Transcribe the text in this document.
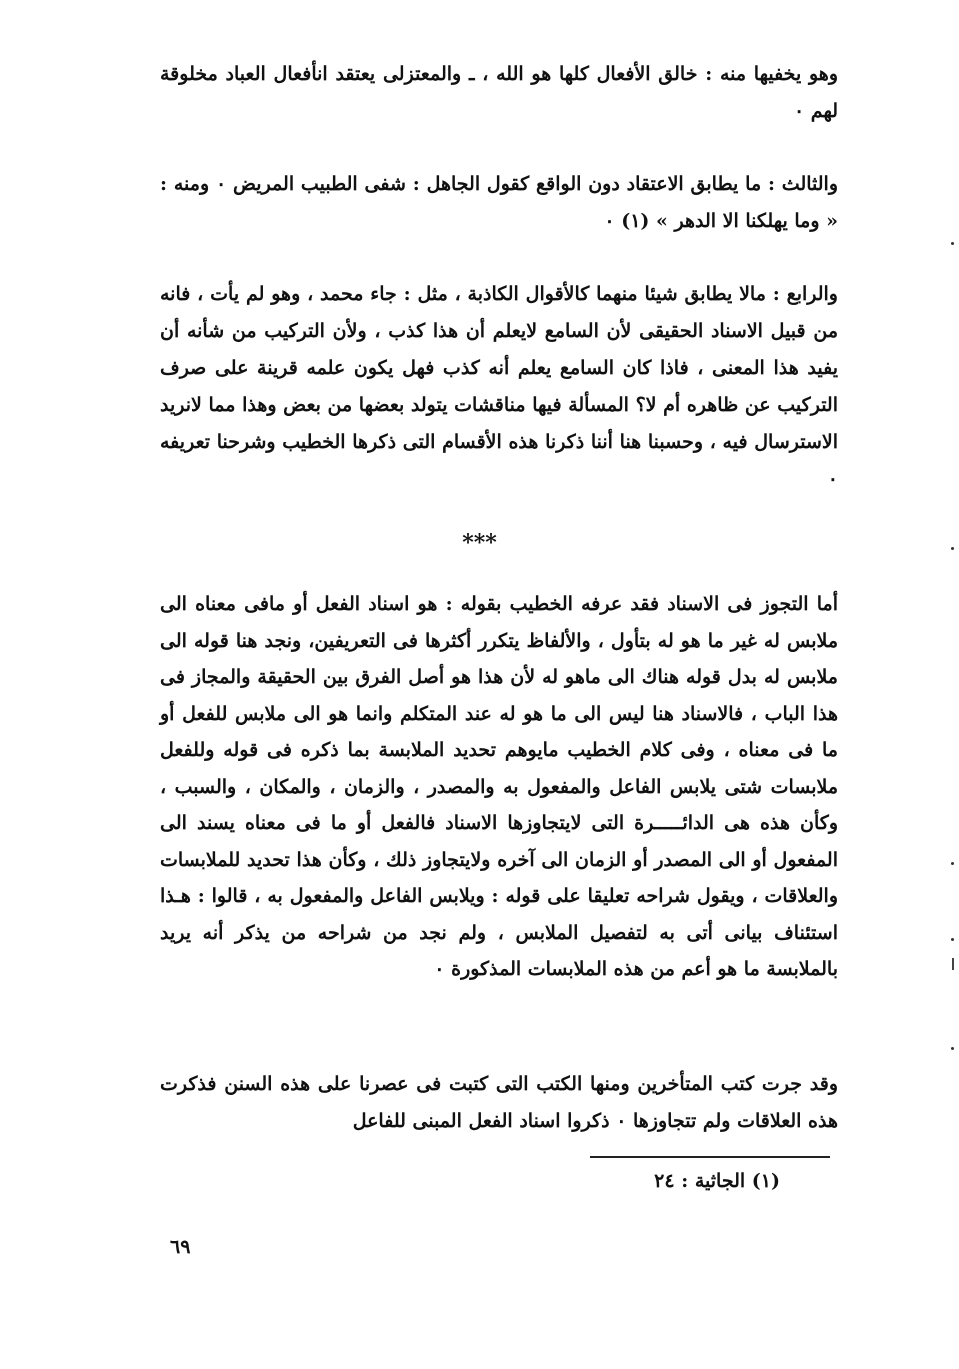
وهو يخفيها منه : خالق الأفعال كلها هو الله ، ـ والمعتزلى يعتقد انأفعال العباد مخلوقة لهم ٠

والثالث : ما يطابق الاعتقاد دون الواقع كقول الجاهل : شفى الطبيب المريض ٠ ومنه : « وما يهلكنا الا الدهر » (١) ٠

والرابع : مالا يطابق شيئا منهما كالأقوال الكاذبة ، مثل : جاء محمد ، وهو لم يأت ، فانه من قبيل الاسناد الحقيقى لأن السامع لايعلم أن هذا كذب ، ولأن التركيب من شأنه أن يفيد هذا المعنى ، فاذا كان السامع يعلم أنه كذب فهل يكون علمه قرينة على صرف التركيب عن ظاهره أم لا؟ المسألة فيها مناقشات يتولد بعضها من بعض وهذا مما لانريد الاسترسال فيه ، وحسبنا هنا أننا ذكرنا هذه الأقسام التى ذكرها الخطيب وشرحنا تعريفه ٠

***

أما التجوز فى الاسناد فقد عرفه الخطيب بقوله : هو اسناد الفعل أو مافى معناه الى ملابس له غير ما هو له بتأول ، والألفاظ يتكرر أكثرها فى التعريفين، ونجد هنا قوله الى ملابس له بدل قوله هناك الى ماهو له لأن هذا هو أصل الفرق بين الحقيقة والمجاز فى هذا الباب ، فالاسناد هنا ليس الى ما هو له عند المتكلم وانما هو الى ملابس للفعل أو ما فى معناه ، وفى كلام الخطيب مايوهم تحديد الملابسة بما ذكره فى قوله وللفعل ملابسات شتى يلابس الفاعل والمفعول به والمصدر ، والزمان ، والمكان ، والسبب ، وكأن هذه هى الدائـــــرة التى لايتجاوزها الاسناد فالفعل أو ما فى معناه يسند الى المفعول أو الى المصدر أو الزمان الى آخره ولايتجاوز ذلك ، وكأن هذا تحديد للملابسات والعلاقات ، ويقول شراحه تعليقا على قوله : ويلابس الفاعل والمفعول به ، قالوا : هـذا استئناف بيانى أتى به لتفصيل الملابس ، ولم نجد من شراحه من يذكر أنه يريد بالملابسة ما هو أعم من هذه الملابسات المذكورة ٠

وقد جرت كتب المتأخرين ومنها الكتب التى كتبت فى عصرنا على هذه السنن فذكرت هذه العلاقات ولم تتجاوزها ٠ ذكروا اسناد الفعل المبنى للفاعل

(١) الجاثية : ٢٤
٦٩
